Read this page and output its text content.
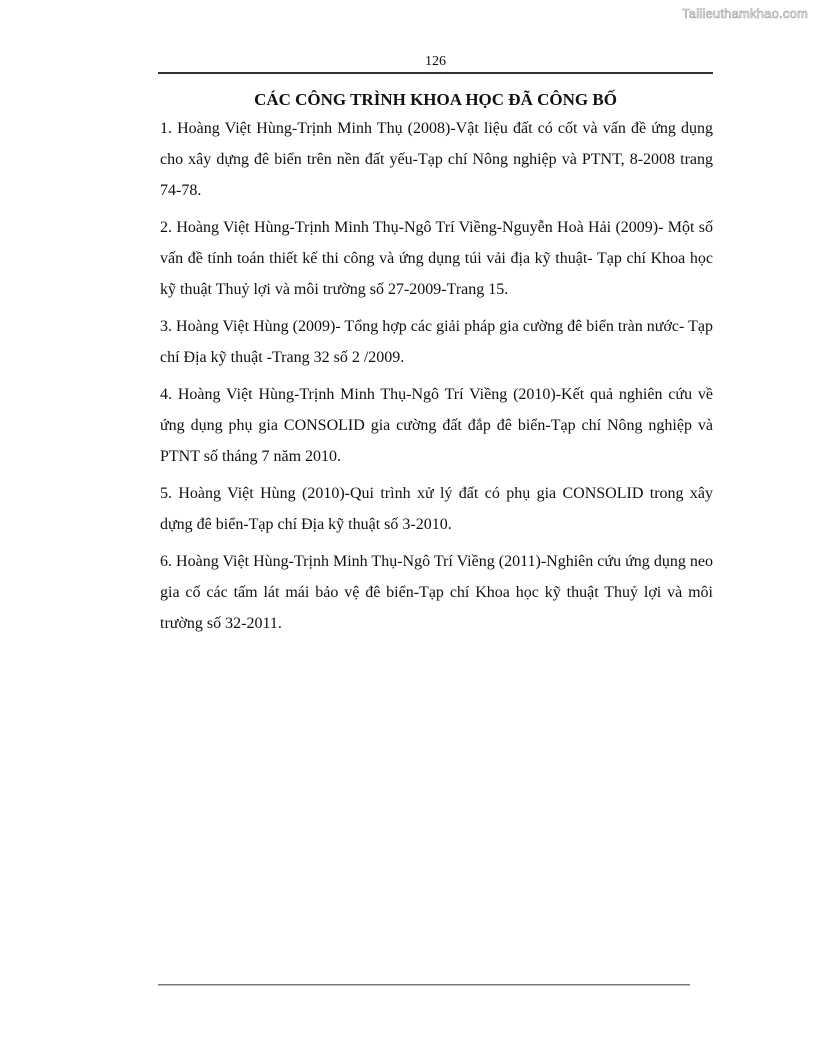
Tailieuthamkhao.com
126
CÁC CÔNG TRÌNH KHOA HỌC ĐÃ CÔNG BỐ

1. Hoàng Việt Hùng-Trịnh Minh Thụ (2008)-Vật liệu đất có cốt và vấn đề ứng dụng cho xây dựng đê biển trên nền đất yếu-Tạp chí Nông nghiệp và PTNT, 8-2008 trang 74-78.

2. Hoàng Việt Hùng-Trịnh Minh Thụ-Ngô Trí Viềng-Nguyễn Hoà Hải (2009)- Một số vấn đề tính toán thiết kế thi công và ứng dụng túi vải địa kỹ thuật- Tạp chí Khoa học kỹ thuật Thuỷ lợi và môi trường số 27-2009-Trang 15.

3. Hoàng Việt Hùng (2009)- Tổng hợp các giải pháp gia cường đê biển tràn nước- Tạp chí Địa kỹ thuật -Trang 32 số 2 /2009.

4. Hoàng Việt Hùng-Trịnh Minh Thụ-Ngô Trí Viềng (2010)-Kết quả nghiên cứu về ứng dụng phụ gia CONSOLID gia cường đất đắp đê biển-Tạp chí Nông nghiệp và PTNT số tháng 7 năm 2010.

5. Hoàng Việt Hùng (2010)-Qui trình xử lý đất có phụ gia CONSOLID trong xây dựng đê biển-Tạp chí Địa kỹ thuật số 3-2010.

6. Hoàng Việt Hùng-Trịnh Minh Thụ-Ngô Trí Viềng (2011)-Nghiên cứu ứng dụng neo gia cố các tấm lát mái bảo vệ đê biển-Tạp chí Khoa học kỹ thuật Thuỷ lợi và môi trường số 32-2011.
